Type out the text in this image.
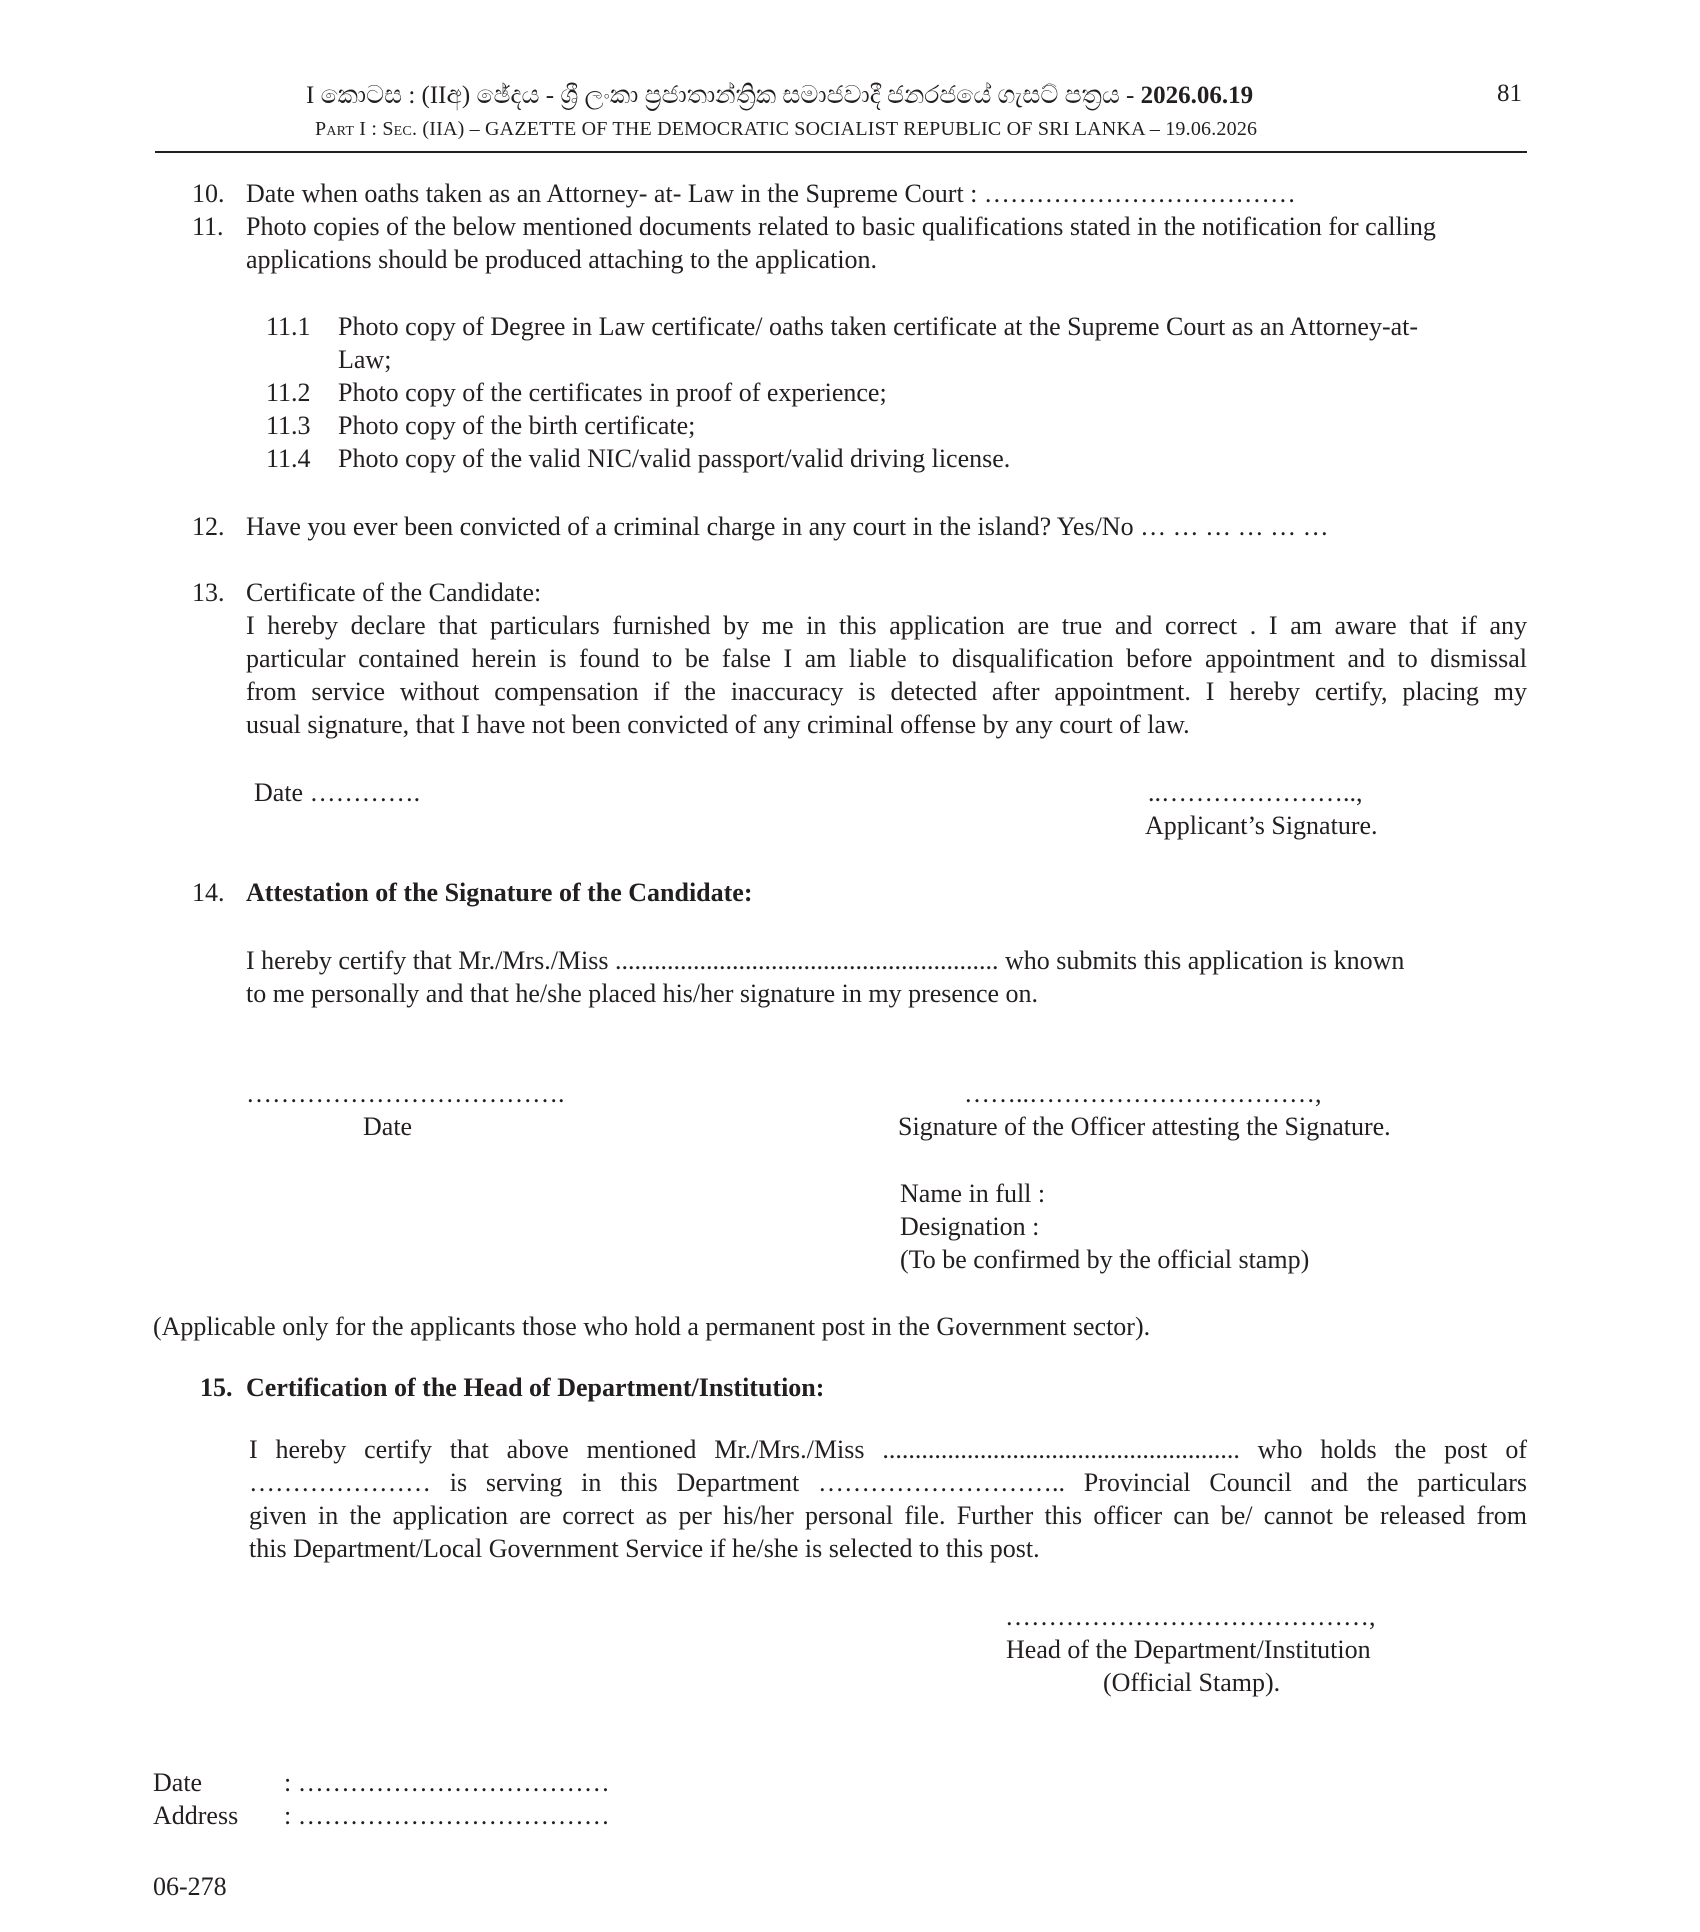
I කොටස : (IIඅ) ඡේදය - ශ්‍රී ලංකා ප්‍රජාතාන්ත්‍රික සමාජවාදී ජනරජයේ ගැසට් පත්‍රය - 2026.06.19	81
Part I : Sec. (IIA) – GAZETTE OF THE DEMOCRATIC SOCIALIST REPUBLIC OF SRI LANKA – 19.06.2026
10. Date when oaths taken as an Attorney- at- Law in the Supreme Court : ………………………………
11. Photo copies of the below mentioned documents related to basic qualifications stated in the notification for calling
applications should be produced attaching to the application.
11.1 Photo copy of Degree in Law certificate/ oaths taken certificate at the Supreme Court as an Attorney-at-
Law;
11.2 Photo copy of the certificates in proof of experience;
11.3 Photo copy of the birth certificate;
11.4 Photo copy of the valid NIC/valid passport/valid driving license.
12. Have you ever been convicted of a criminal charge in any court in the island? Yes/No … … … … … …
13. Certificate of the Candidate:
I hereby declare that particulars furnished by me in this application are true and correct . I am aware that if any
particular contained herein is found to be false I am liable to disqualification before appointment and to dismissal
from service without compensation if the inaccuracy is detected after appointment. I hereby certify, placing my
usual signature, that I have not been convicted of any criminal offense by any court of law.
Date ………….	..…………………..,
Applicant’s Signature.
14. Attestation of the Signature of the Candidate:
I hereby certify that Mr./Mrs./Miss ........................................................... who submits this application is known
to me personally and that he/she placed his/her signature in my presence on.
……………………………….
Date
……..……………………………,
Signature of the Officer attesting the Signature.
Name in full :
Designation :
(To be confirmed by the official stamp)
(Applicable only for the applicants those who hold a permanent post in the Government sector).
15. Certification of the Head of Department/Institution:
I hereby certify that above mentioned Mr./Mrs./Miss ....................................................... who holds the post of
………………… is serving in this Department ……………………….. Provincial Council and the particulars
given in the application are correct as per his/her personal file. Further this officer can be/ cannot be released from
this Department/Local Government Service if he/she is selected to this post.
……………………………………,
Head of the Department/Institution
(Official Stamp).
Date	: ………………………………
Address : ………………………………
06-278
